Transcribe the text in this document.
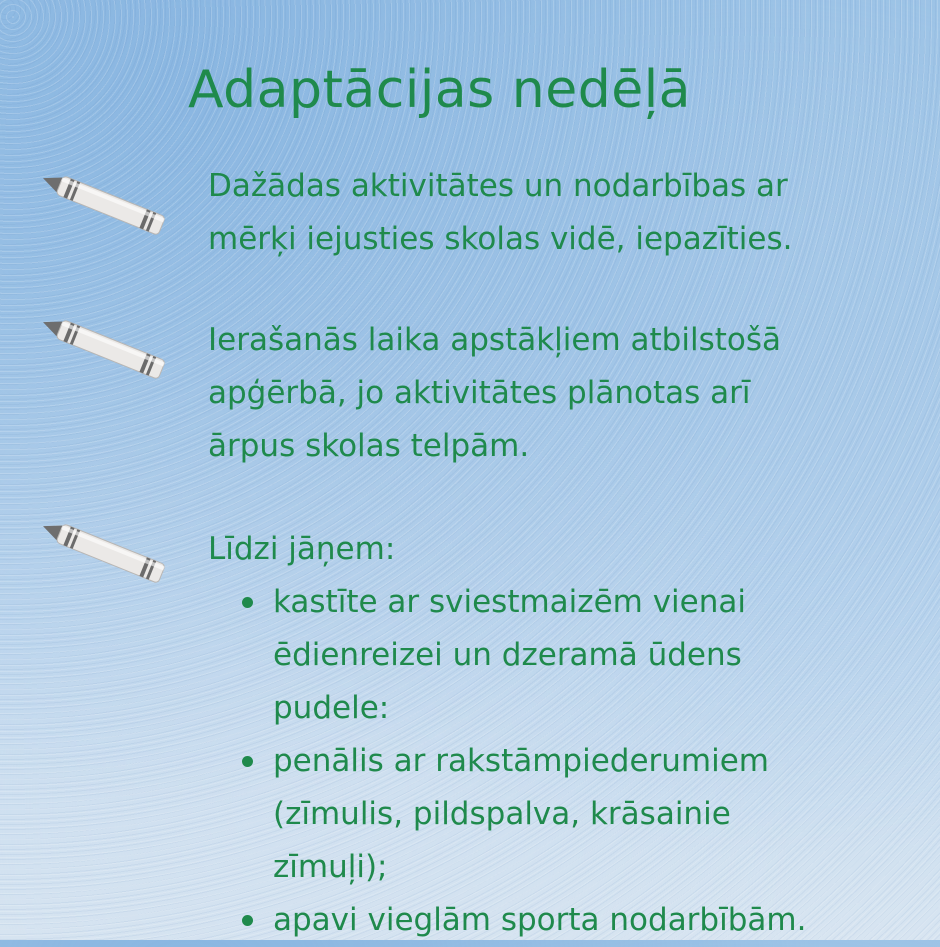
Adaptācijas nedēļā

Dažādas aktivitātes un nodarbības ar
mērķi iejusties skolas vidē, iepazīties.

Ierašanās laika apstākļiem atbilstošā
apģērbā, jo aktivitātes plānotas arī
ārpus skolas telpām.

Līdzi jāņem:

kastīte ar sviestmaizēm vienai
ēdienreizei un dzeramā ūdens
pudele:
penālis ar rakstāmpiederumiem
(zīmulis, pildspalva, krāsainie
zīmuļi);
apavi vieglām sporta nodarbībām.
